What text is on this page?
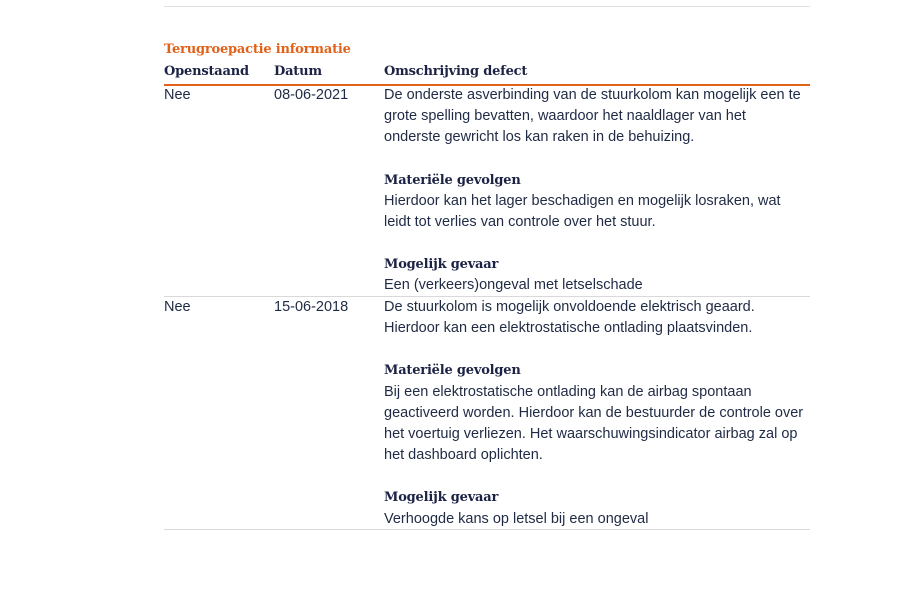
Terugroepactie informatie
Openstaand Datum	Omschrijving defect
Nee	08-06-2021 De onderste asverbinding van de stuurkolom kan mogelijk een te grote spelling bevatten, waardoor het naaldlager van het onderste gewricht los kan raken in de behuizing.

Materiële gevolgen

Hierdoor kan het lager beschadigen en mogelijk losraken, wat leidt tot verlies van controle over het stuur.

Mogelijk gevaar

Een (verkeers)ongeval met letselschade

Nee	15-06-2018 De stuurkolom is mogelijk onvoldoende elektrisch geaard. Hierdoor kan een elektrostatische ontlading plaatsvinden.

Materiële gevolgen

Bij een elektrostatische ontlading kan de airbag spontaan geactiveerd worden. Hierdoor kan de bestuurder de controle over het voertuig verliezen. Het waarschuwingsindicator airbag zal op het dashboard oplichten.

Mogelijk gevaar

Verhoogde kans op letsel bij een ongeval
